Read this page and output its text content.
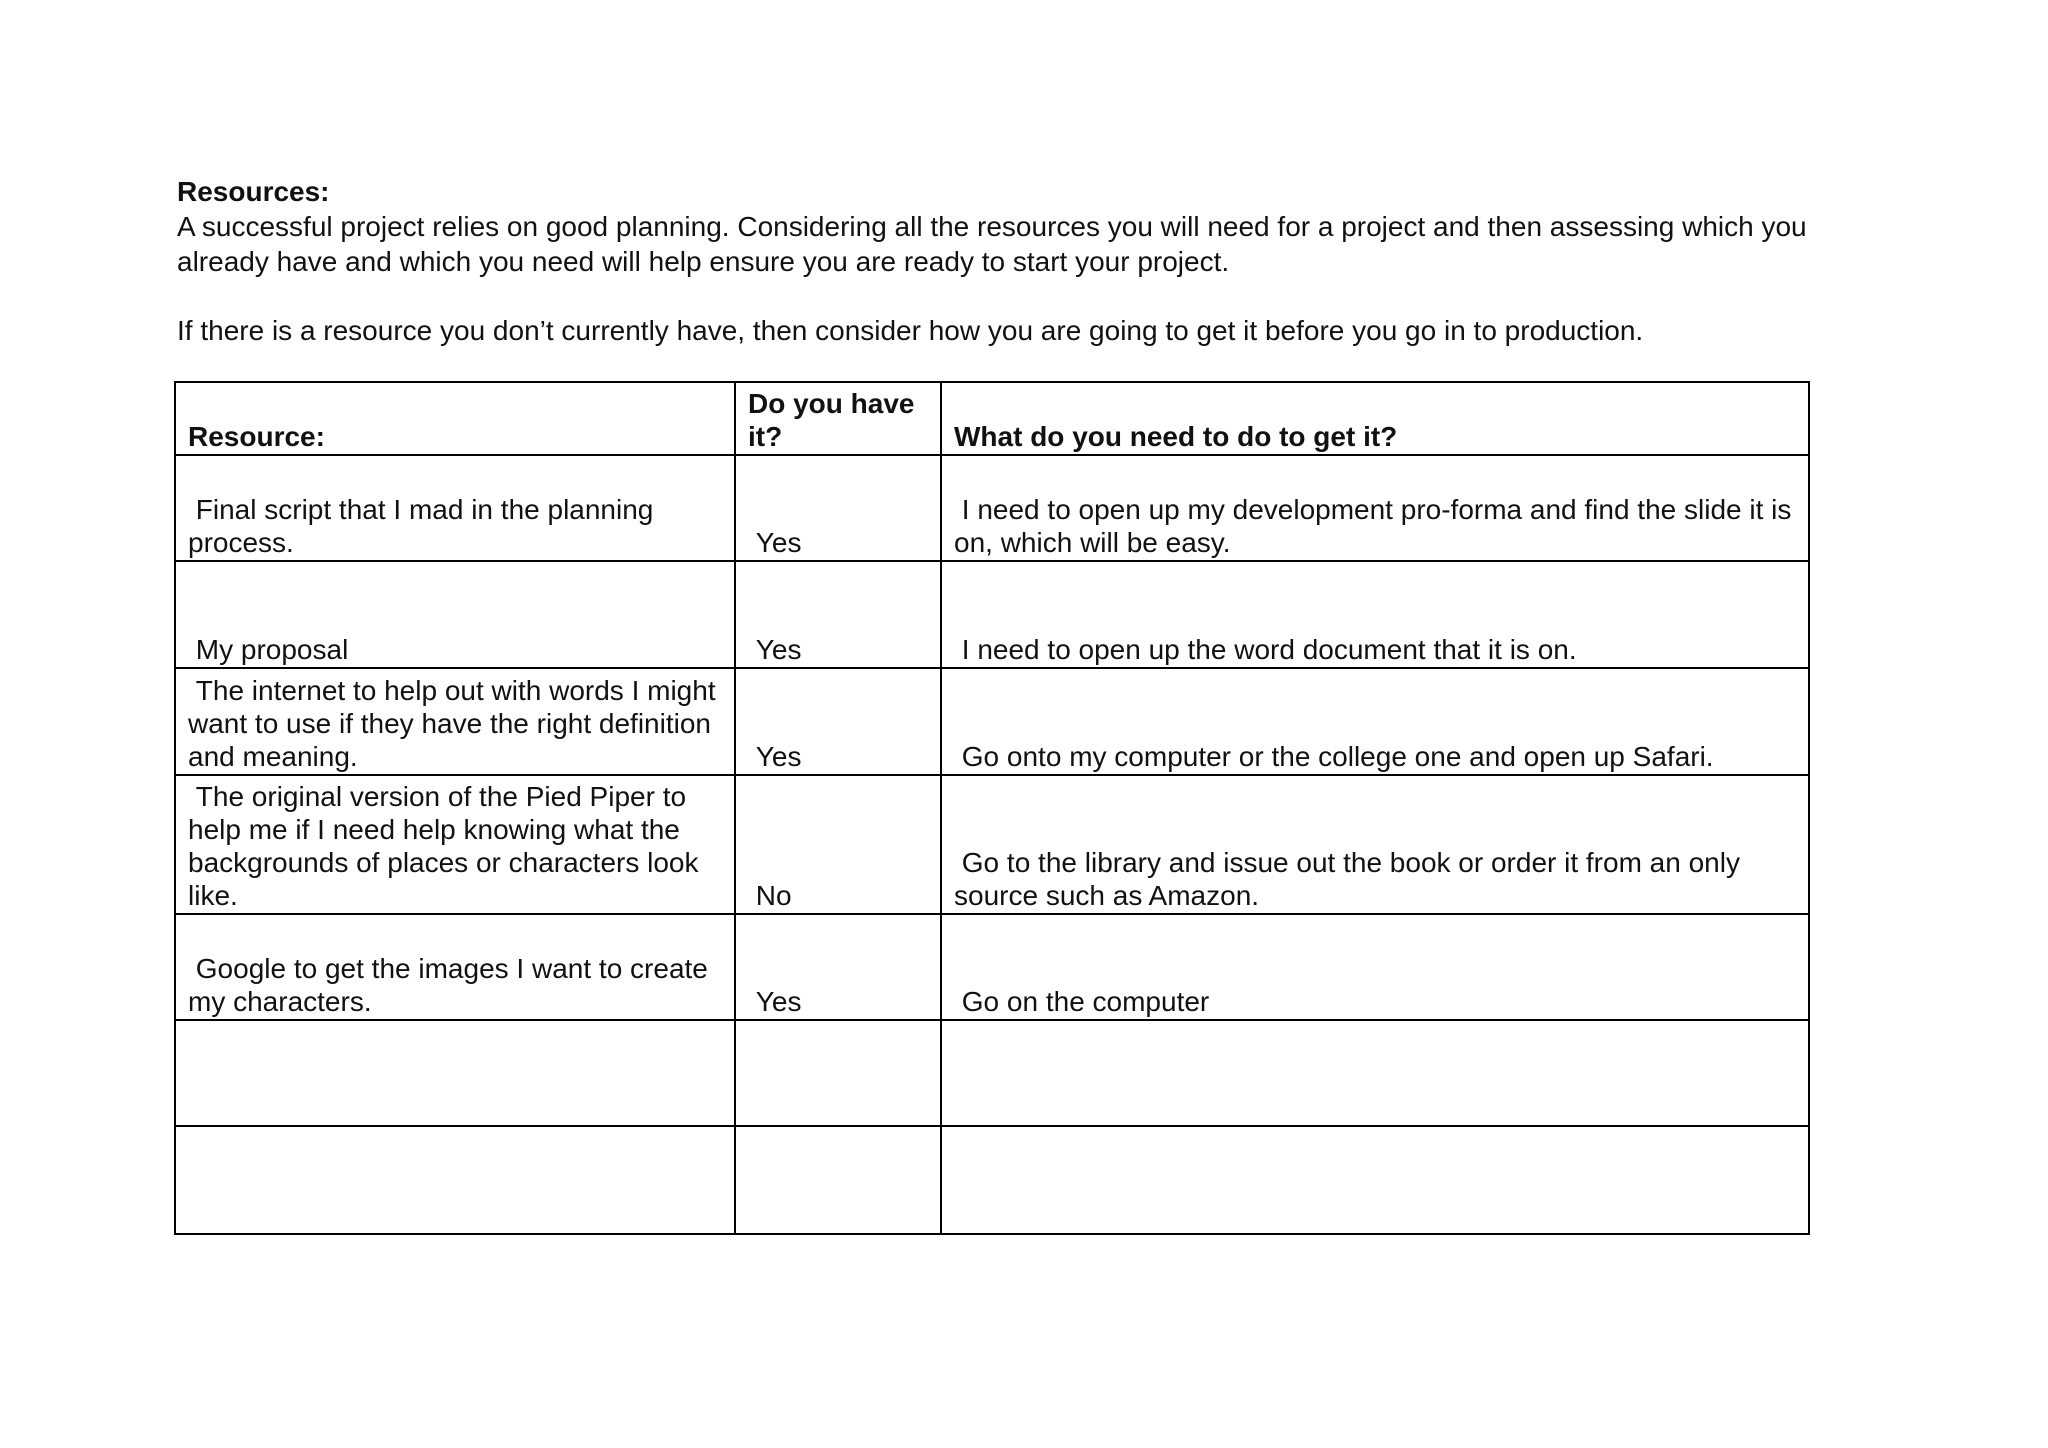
Resources:
A successful project relies on good planning. Considering all the resources you will need for a project and then assessing which you already have and which you need will help ensure you are ready to start your project.
If there is a resource you don’t currently have, then consider how you are going to get it before you go in to production.
Resource:	Do you have it?	What do you need to do to get it?
Final script that I mad in the planning process.	Yes	I need to open up my development pro-forma and find the slide it is on, which will be easy.
My proposal	Yes	I need to open up the word document that it is on.
The internet to help out with words I might want to use if they have the right definition and meaning.	Yes	Go onto my computer or the college one and open up Safari.
The original version of the Pied Piper to help me if I need help knowing what the backgrounds of places or characters look like.	No	Go to the library and issue out the book or order it from an only source such as Amazon.
Google to get the images I want to create my characters.	Yes	Go on the computer
